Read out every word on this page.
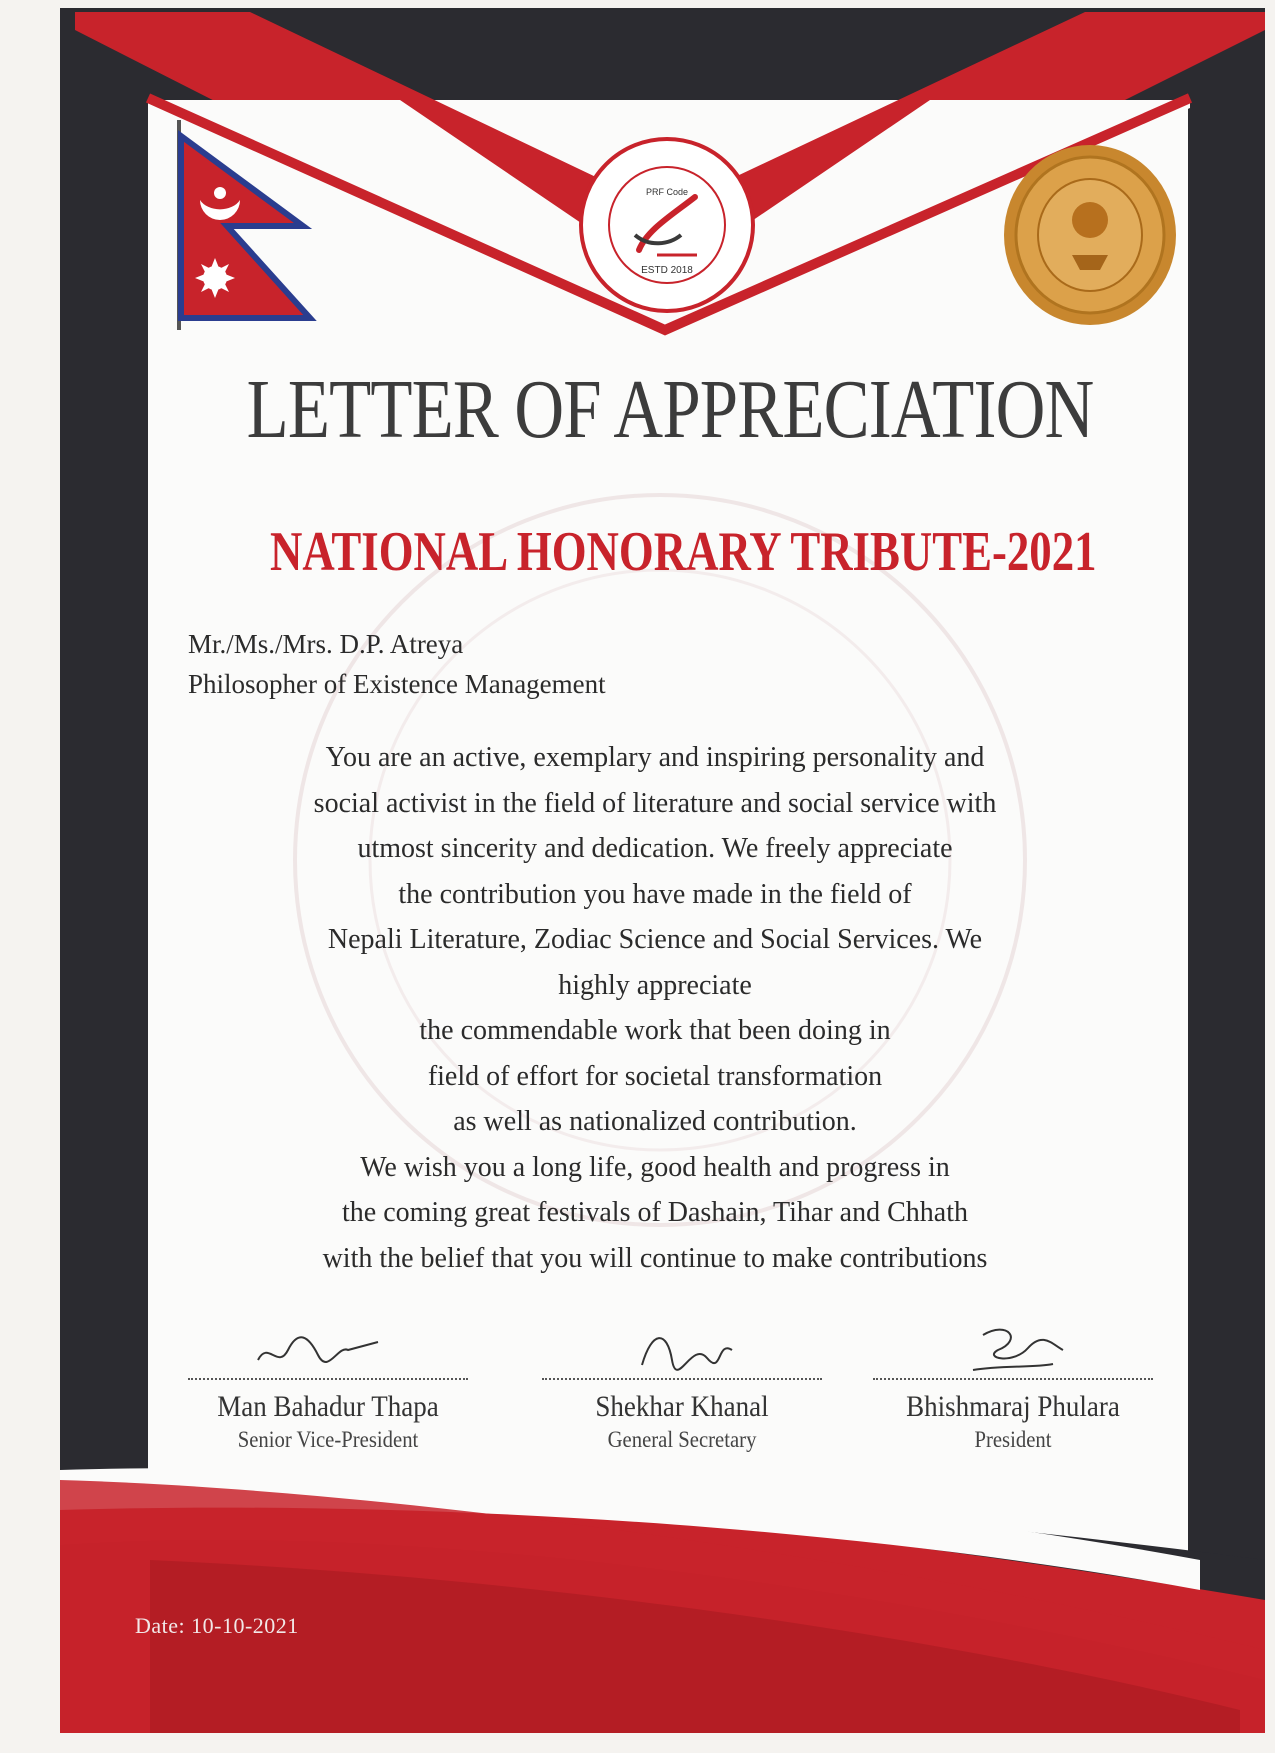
PRF Code
ESTD 2018
LETTER OF APPRECIATION
NATIONAL HONORARY TRIBUTE-2021
Mr./Ms./Mrs. D.P. Atreya
Philosopher of Existence Management
You are an active, exemplary and inspiring personality and
social activist in the field of literature and social service with
utmost sincerity and dedication. We freely appreciate
the contribution you have made in the field of
Nepali Literature, Zodiac Science and Social Services. We
highly appreciate
the commendable work that been doing in
field of effort for societal transformation
as well as nationalized contribution.
We wish you a long life, good health and progress in
the coming great festivals of Dashain, Tihar and Chhath
with the belief that you will continue to make contributions
Man Bahadur Thapa
Senior Vice-President
Shekhar Khanal
General Secretary
Bhishmaraj Phulara
President
Date: 10-10-2021
